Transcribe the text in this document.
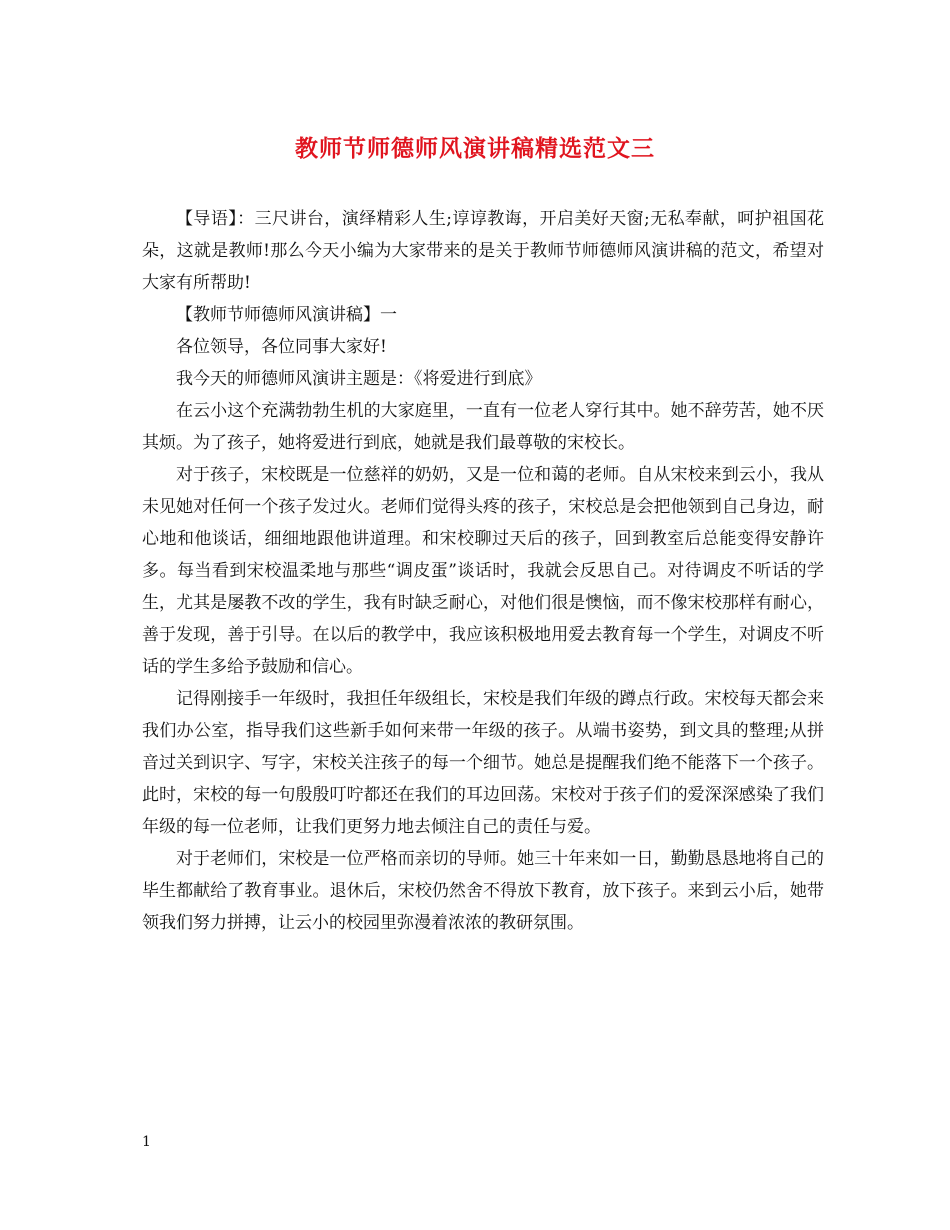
教师节师德师风演讲稿精选范文三

【导语】：三尺讲台，演绎精彩人生;谆谆教诲，开启美好天窗;无私奉献，呵护祖国花朵，这就是教师!那么今天小编为大家带来的是关于教师节师德师风演讲稿的范文，希望对大家有所帮助!

【教师节师德师风演讲稿】一

各位领导，各位同事大家好!

我今天的师德师风演讲主题是：《将爱进行到底》

在云小这个充满勃勃生机的大家庭里，一直有一位老人穿行其中。她不辞劳苦，她不厌其烦。为了孩子，她将爱进行到底，她就是我们最尊敬的宋校长。

对于孩子，宋校既是一位慈祥的奶奶，又是一位和蔼的老师。自从宋校来到云小，我从未见她对任何一个孩子发过火。老师们觉得头疼的孩子，宋校总是会把他领到自己身边，耐心地和他谈话，细细地跟他讲道理。和宋校聊过天后的孩子，回到教室后总能变得安静许多。每当看到宋校温柔地与那些“调皮蛋”谈话时，我就会反思自己。对待调皮不听话的学生，尤其是屡教不改的学生，我有时缺乏耐心，对他们很是懊恼，而不像宋校那样有耐心，善于发现，善于引导。在以后的教学中，我应该积极地用爱去教育每一个学生，对调皮不听话的学生多给予鼓励和信心。

记得刚接手一年级时，我担任年级组长，宋校是我们年级的蹲点行政。宋校每天都会来我们办公室，指导我们这些新手如何来带一年级的孩子。从端书姿势，到文具的整理;从拼音过关到识字、写字，宋校关注孩子的每一个细节。她总是提醒我们绝不能落下一个孩子。此时，宋校的每一句殷殷叮咛都还在我们的耳边回荡。宋校对于孩子们的爱深深感染了我们年级的每一位老师，让我们更努力地去倾注自己的责任与爱。

对于老师们，宋校是一位严格而亲切的导师。她三十年来如一日，勤勤恳恳地将自己的毕生都献给了教育事业。退休后，宋校仍然舍不得放下教育，放下孩子。来到云小后，她带领我们努力拼搏，让云小的校园里弥漫着浓浓的教研氛围。

1
